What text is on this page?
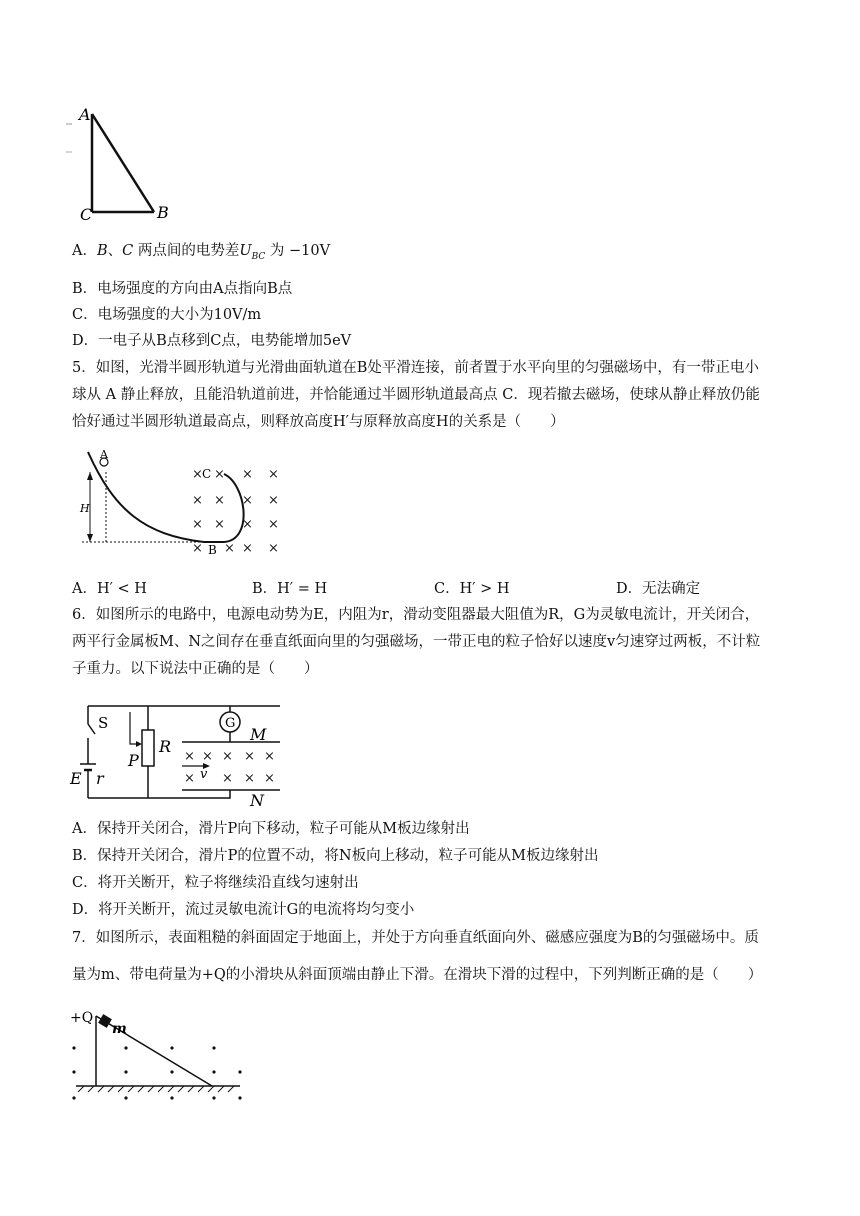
A
C	B
A．B、C 两点间的电势差$U_{BC}$ 为 −10V
B．电场强度的方向由A点指向B点
C．电场强度的大小为10V/m
D．一电子从B点移到C点，电势能增加5eV
5．如图，光滑半圆形轨道与光滑曲面轨道在B处平滑连接，前者置于水平向里的匀强磁场中，有一带正电小
球从 A 静止释放，且能沿轨道前进，并恰能通过半圆形轨道最高点 C．现若撤去磁场，使球从静止释放仍能
恰好通过半圆形轨道最高点，则释放高度H′与原释放高度H的关系是（　　）
A
H
C
B
× × × ×
× × × ×
× × × ×
× × × ×
A．H′ < H	B．H′ = H	C．H′ > H	D．无法确定
6．如图所示的电路中，电源电动势为E，内阻为r，滑动变阻器最大阻值为R，G为灵敏电流计，开关闭合，
两平行金属板M、N之间存在垂直纸面向里的匀强磁场，一带正电的粒子恰好以速度v匀速穿过两板，不计粒
子重力。以下说法中正确的是（　　）
× × × × ×
× × × ×
S	G
R
P
M
N
E r	v
A．保持开关闭合，滑片P向下移动，粒子可能从M板边缘射出
B．保持开关闭合，滑片P的位置不动，将N板向上移动，粒子可能从M板边缘射出
C．将开关断开，粒子将继续沿直线匀速射出
D．将开关断开，流过灵敏电流计G的电流将均匀变小
7．如图所示，表面粗糙的斜面固定于地面上，并处于方向垂直纸面向外、磁感应强度为B的匀强磁场中。质
量为m、带电荷量为+Q的小滑块从斜面顶端由静止下滑。在滑块下滑的过程中，下列判断正确的是（　　）
+Q
m
